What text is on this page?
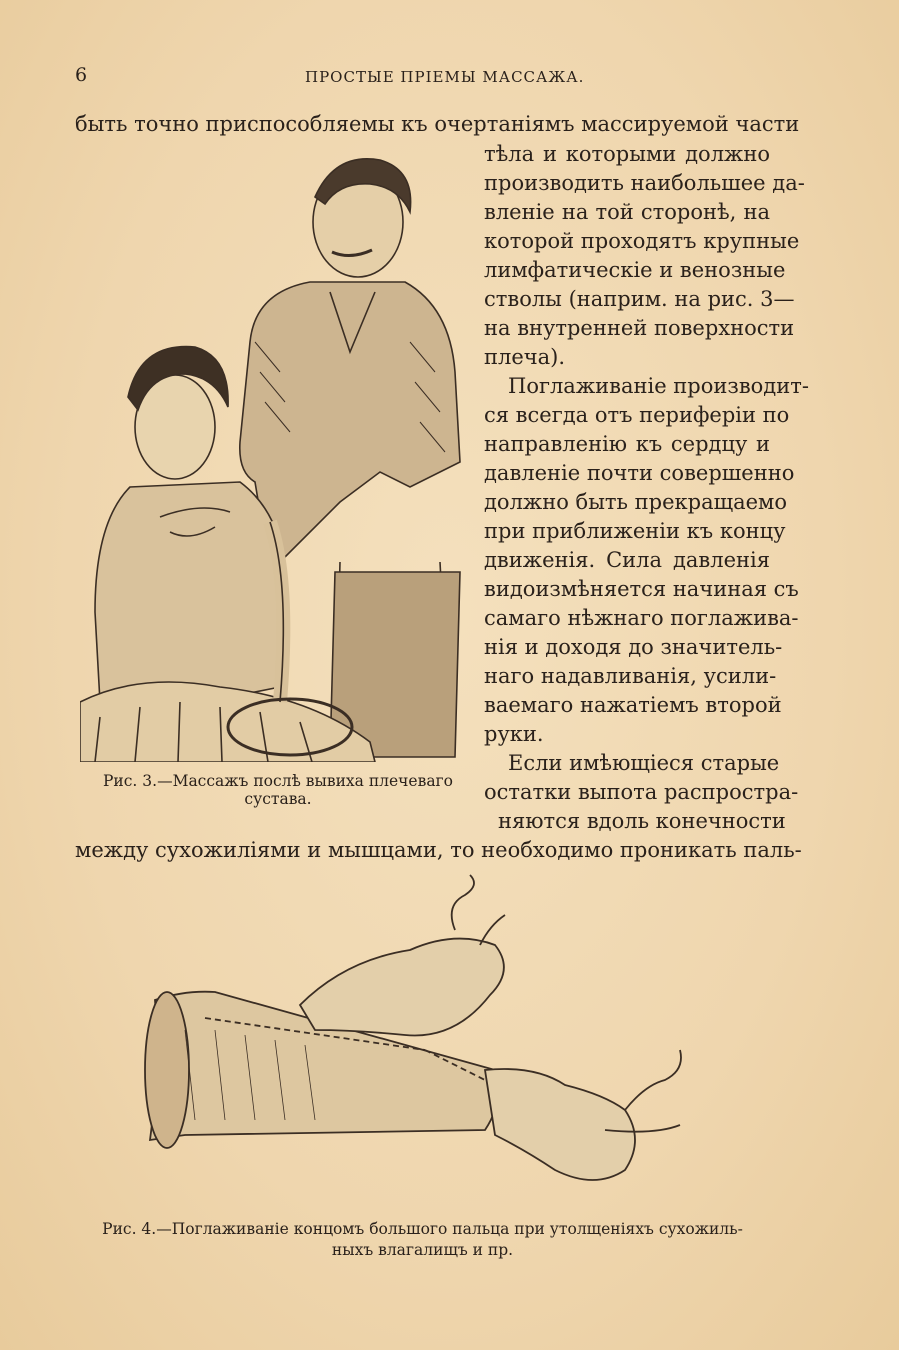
6	ПРОСТЫЕ ПРІЕМЫ МАССАЖА.
быть точно приспособляемы къ очертаніямъ массируемой части
Рис. 3.—Массажъ послѣ вывиха плечеваго
сустава.
тѣла и которыми должно
производить наибольшее да-
вленіе на той сторонѣ, на
которой проходятъ крупные
лимфатическіе и венозные
стволы (наприм. на рис. 3—
на внутренней поверхности
плеча).
Поглаживаніе производит-
ся всегда отъ периферіи по
направленію къ сердцу и
давленіе почти совершенно
должно быть прекращаемо
при приближеніи къ концу
движенія. Сила давленія
видоизмѣняется начиная съ
самаго нѣжнаго поглажива-
нія и доходя до значитель-
наго надавливанія, усили-
ваемаго нажатіемъ второй
руки.
Если имѣющіеся старые
остатки выпота распростра-
няются вдоль конечности
между сухожиліями и мышцами, то необходимо проникать паль-
Рис. 4.—Поглаживаніе концомъ большого пальца при утолщеніяхъ сухожиль-
ныхъ влагалищъ и пр.
